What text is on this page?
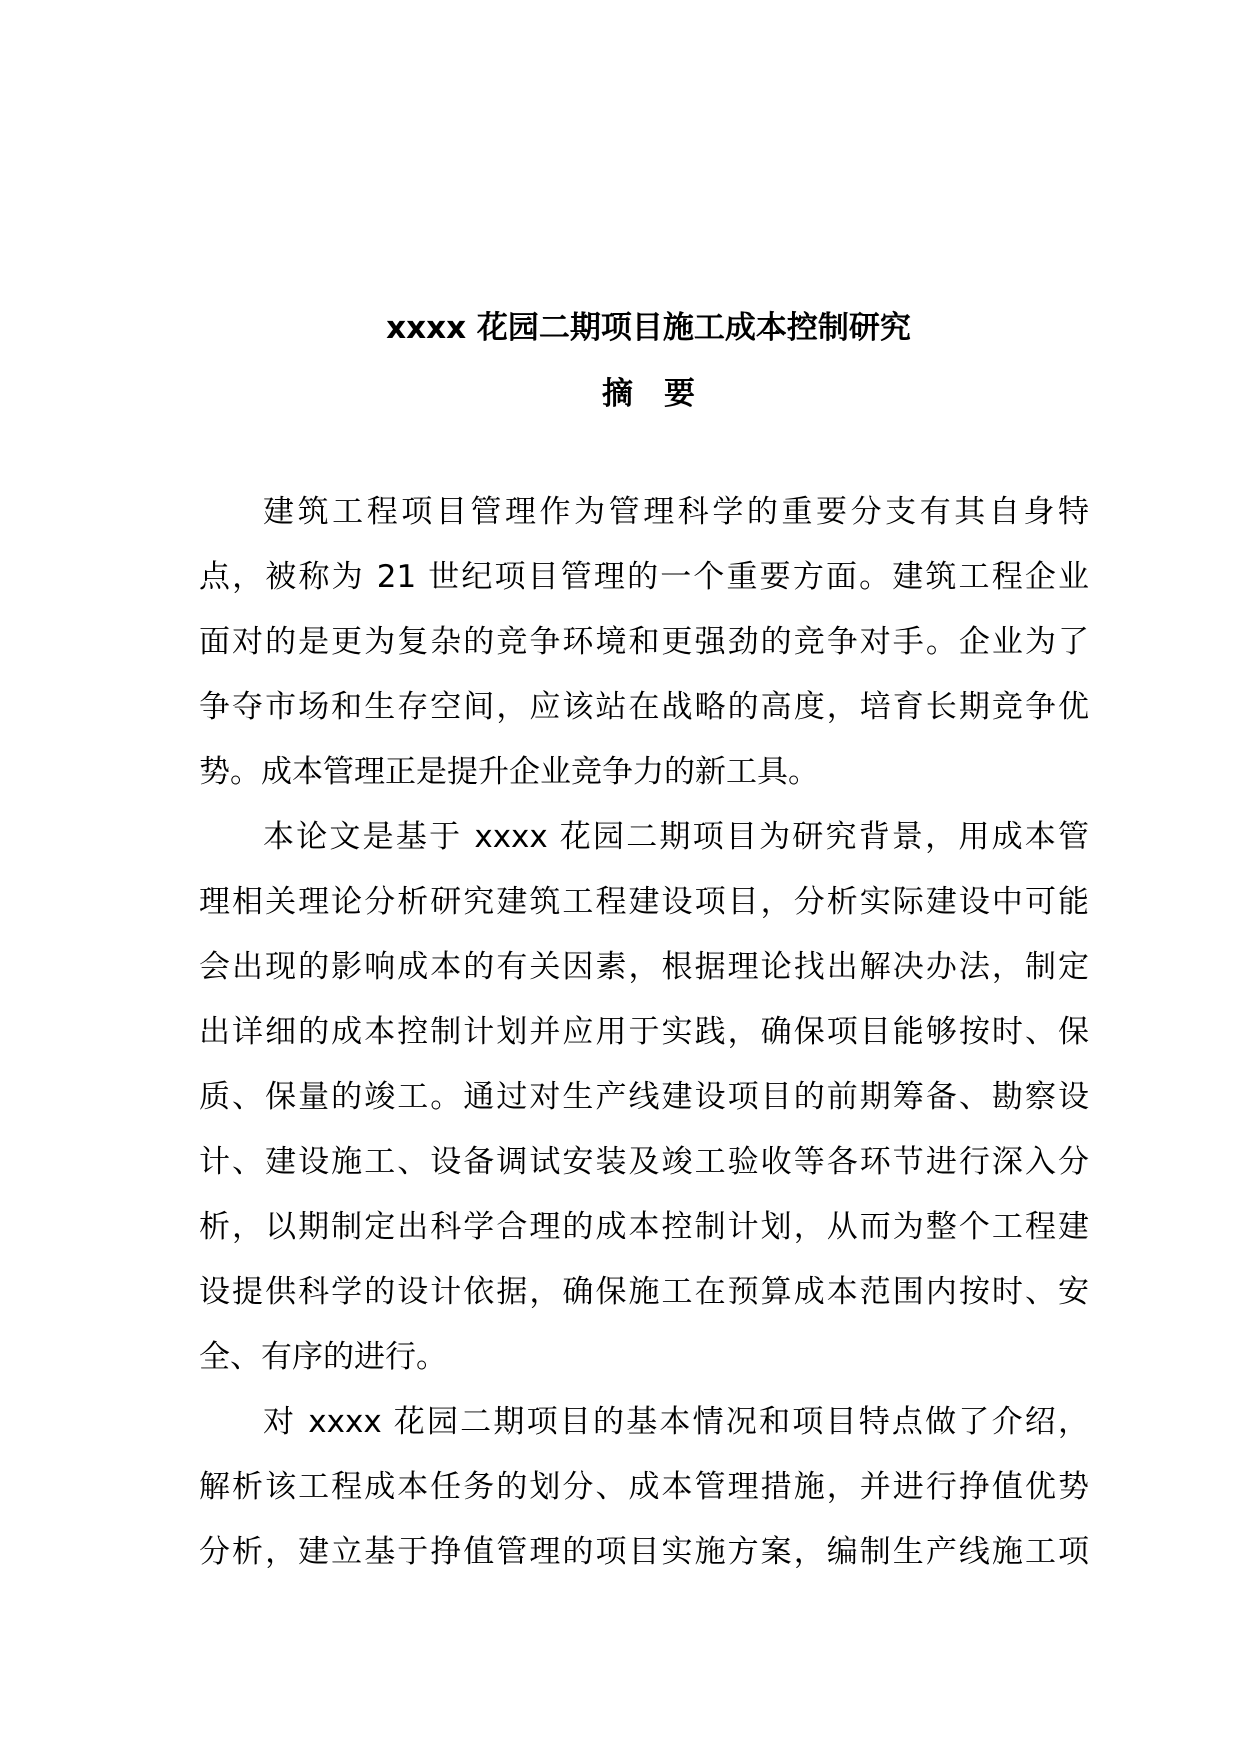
xxxx 花园二期项目施工成本控制研究
摘　要
建筑工程项目管理作为管理科学的重要分支有其自身特
点，被称为 21 世纪项目管理的一个重要方面。建筑工程企业
面对的是更为复杂的竞争环境和更强劲的竞争对手。企业为了
争夺市场和生存空间，应该站在战略的高度，培育长期竞争优
势。成本管理正是提升企业竞争力的新工具。
本论文是基于 xxxx 花园二期项目为研究背景，用成本管
理相关理论分析研究建筑工程建设项目，分析实际建设中可能
会出现的影响成本的有关因素，根据理论找出解决办法，制定
出详细的成本控制计划并应用于实践，确保项目能够按时、保
质、保量的竣工。通过对生产线建设项目的前期筹备、勘察设
计、建设施工、设备调试安装及竣工验收等各环节进行深入分
析，以期制定出科学合理的成本控制计划，从而为整个工程建
设提供科学的设计依据，确保施工在预算成本范围内按时、安
全、有序的进行。
对 xxxx 花园二期项目的基本情况和项目特点做了介绍，
解析该工程成本任务的划分、成本管理措施，并进行挣值优势
分析，建立基于挣值管理的项目实施方案，编制生产线施工项
